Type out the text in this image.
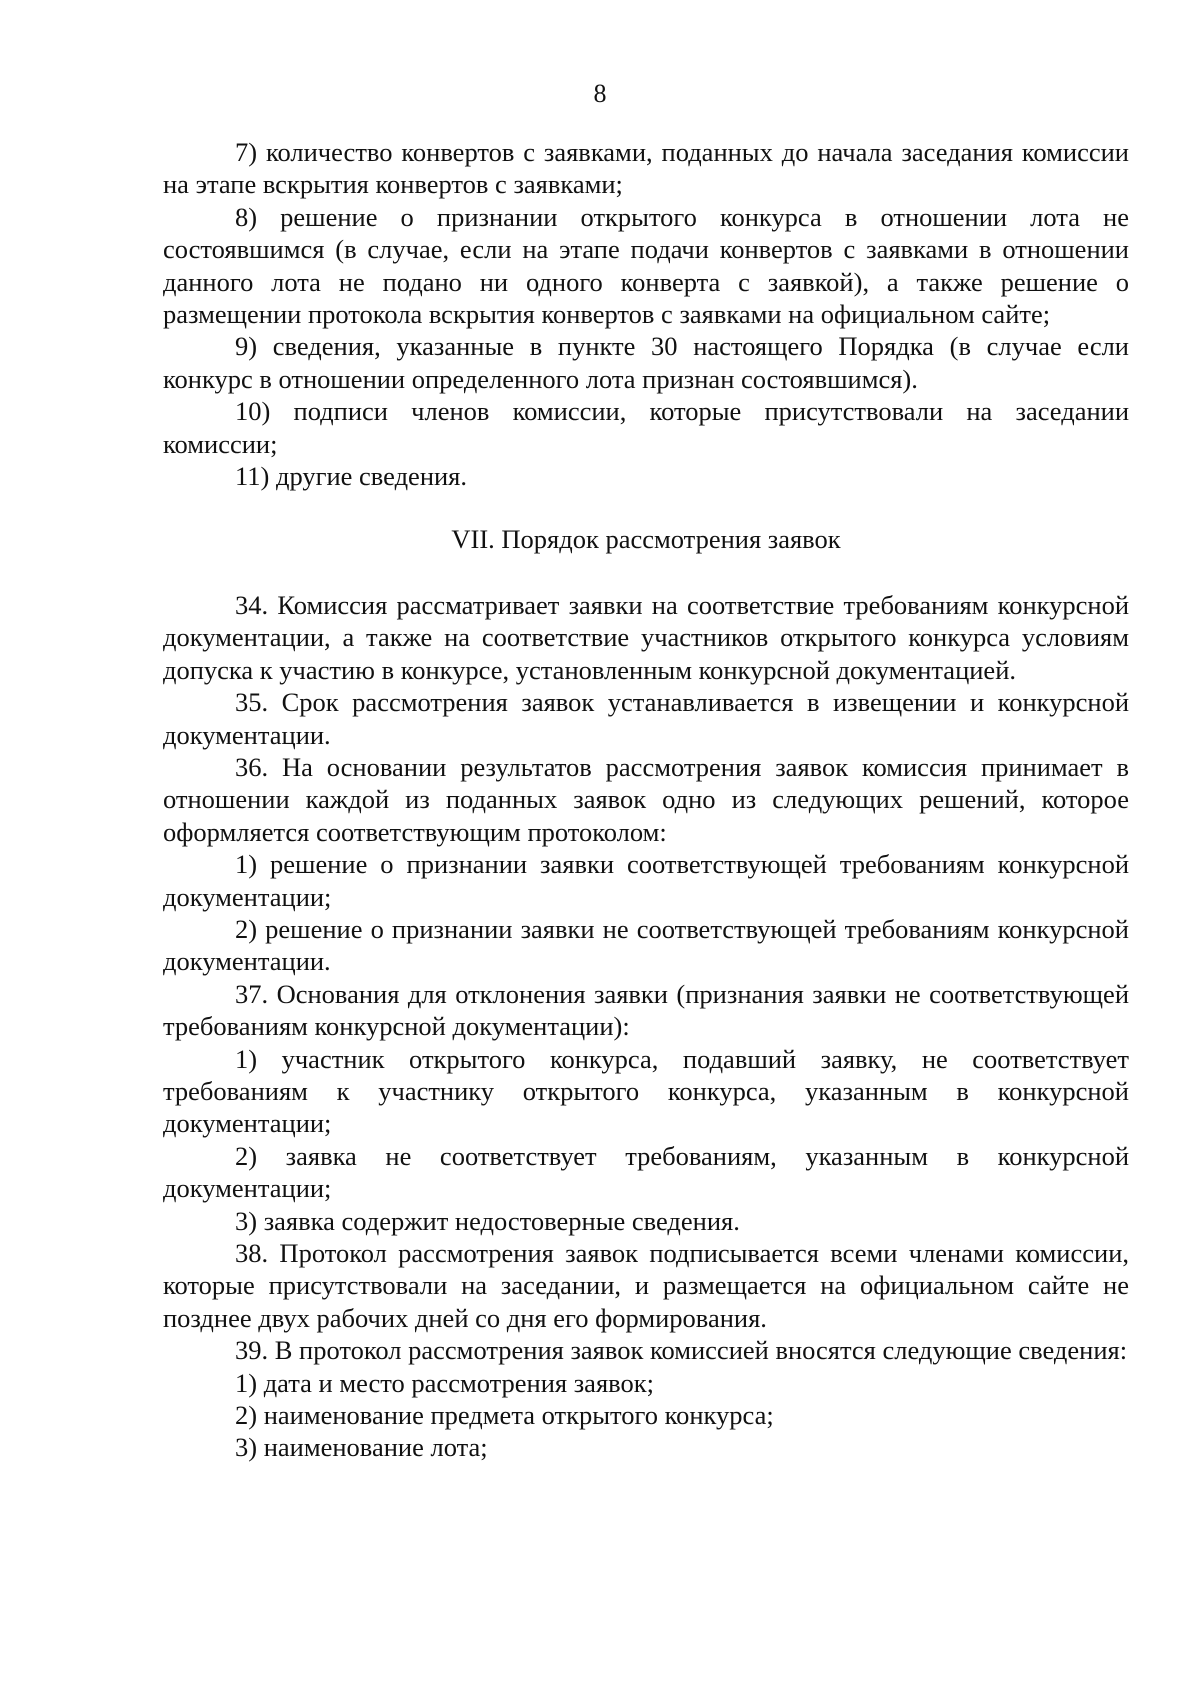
8

7) количество конвертов с заявками, поданных до начала заседания комиссии на этапе вскрытия конвертов с заявками;

8) решение о признании открытого конкурса в отношении лота не состоявшимся (в случае, если на этапе подачи конвертов с заявками в отношении данного лота не подано ни одного конверта с заявкой), а также решение о размещении протокола вскрытия конвертов с заявками на официальном сайте;

9) сведения, указанные в пункте 30 настоящего Порядка (в случае если конкурс в отношении определенного лота признан состоявшимся).

10) подписи членов комиссии, которые присутствовали на заседании комиссии;

11) другие сведения.

VII. Порядок рассмотрения заявок

34. Комиссия рассматривает заявки на соответствие требованиям конкурсной документации, а также на соответствие участников открытого конкурса условиям допуска к участию в конкурсе, установленным конкурсной документацией.

35. Срок рассмотрения заявок устанавливается в извещении и конкурсной документации.

36. На основании результатов рассмотрения заявок комиссия принимает в отношении каждой из поданных заявок одно из следующих решений, которое оформляется соответствующим протоколом:

1) решение о признании заявки соответствующей требованиям конкурсной документации;

2) решение о признании заявки не соответствующей требованиям конкурсной документации.

37. Основания для отклонения заявки (признания заявки не соответствующей требованиям конкурсной документации):

1) участник открытого конкурса, подавший заявку, не соответствует требованиям к участнику открытого конкурса, указанным в конкурсной документации;

2) заявка не соответствует требованиям, указанным в конкурсной документации;

3) заявка содержит недостоверные сведения.

38. Протокол рассмотрения заявок подписывается всеми членами комиссии, которые присутствовали на заседании, и размещается на официальном сайте не позднее двух рабочих дней со дня его формирования.

39. В протокол рассмотрения заявок комиссией вносятся следующие сведения:

1) дата и место рассмотрения заявок;

2) наименование предмета открытого конкурса;

3) наименование лота;
